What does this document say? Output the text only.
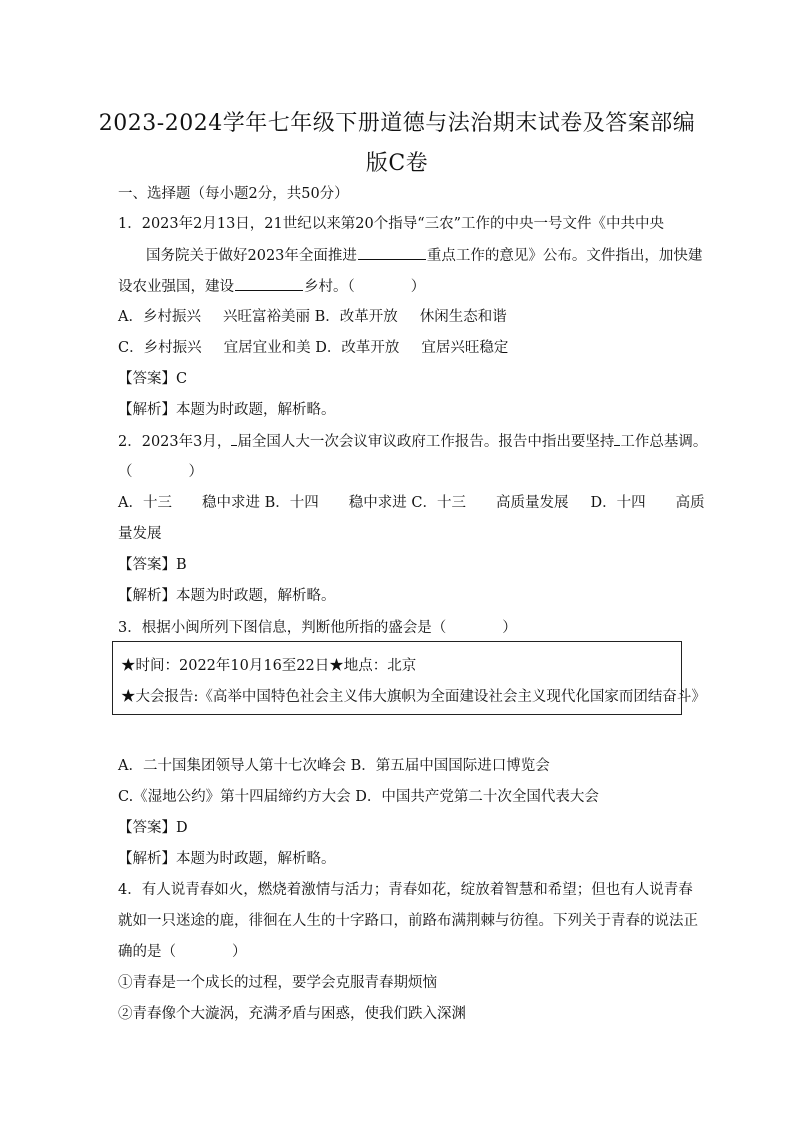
2023-2024学年七年级下册道德与法治期末试卷及答案部编
版C卷
一、选择题（每小题2分，共50分）
1．2023年2月13日，21世纪以来第20个指导“三农”工作的中央一号文件《中共中央
国务院关于做好2023年全面推进	重点工作的意见》公布。文件指出，加快建
设农业强国，建设	乡村。（	）
A．乡村振兴 兴旺富裕美丽 B．改革开放 休闲生态和谐
C．乡村振兴 宜居宜业和美 D．改革开放 宜居兴旺稳定
【答案】C
【解析】本题为时政题，解析略。
2．2023年3月， 届全国人大一次会议审议政府工作报告。报告中指出要坚持 工作总基调。
（	）
A．十三 稳中求进 B．十四 稳中求进 C．十三 高质量发展 D．十四 高质
量发展
【答案】B
【解析】本题为时政题，解析略。
3．根据小闽所列下图信息，判断他所指的盛会是（	）
★时间：2022年10月16至22日★地点：北京
★大会报告:《高举中国特色社会主义伟大旗帜为全面建设社会主义现代化国家而团结奋斗》
A．二十国集团领导人第十七次峰会 B．第五届中国国际进口博览会
C.《湿地公约》第十四届缔约方大会 D．中国共产党第二十次全国代表大会
【答案】D
【解析】本题为时政题，解析略。
4．有人说青春如火，燃烧着激情与活力；青春如花，绽放着智慧和希望；但也有人说青春
就如一只迷途的鹿，徘徊在人生的十字路口，前路布满荆棘与彷徨。下列关于青春的说法正
确的是（	）
①青春是一个成长的过程，要学会克服青春期烦恼
②青春像个大漩涡，充满矛盾与困惑，使我们跌入深渊
